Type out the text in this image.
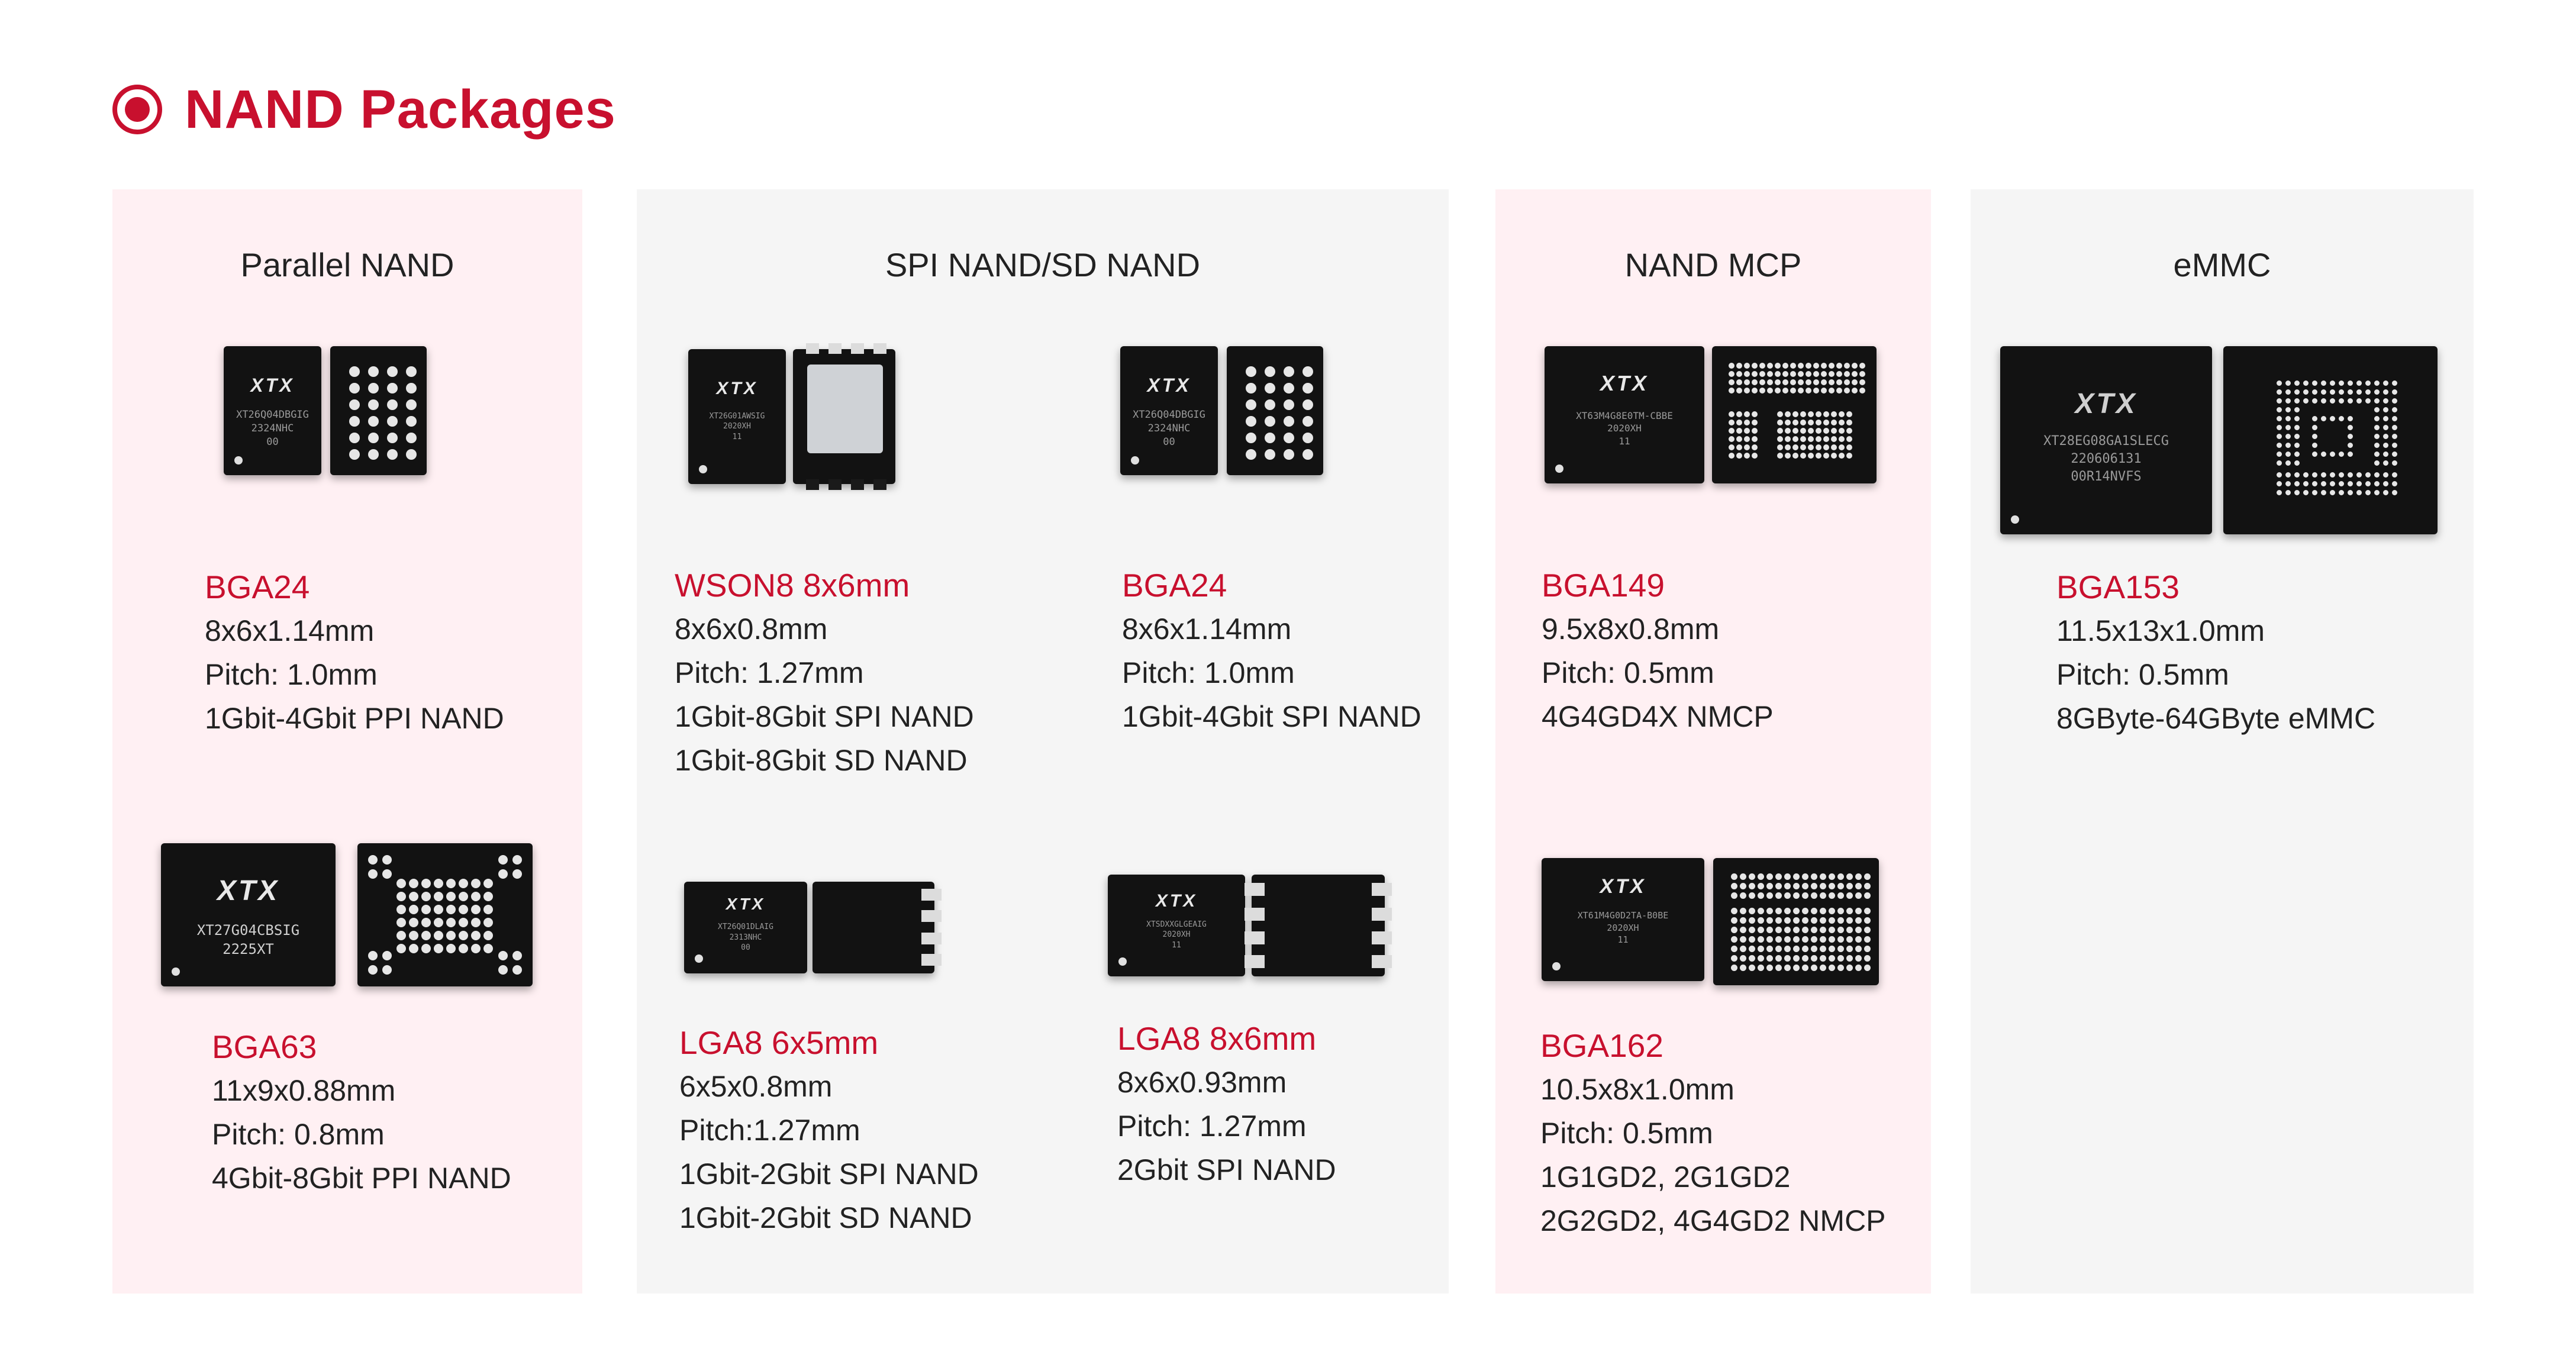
NAND Packages
Parallel NAND	SPI NAND/SD NAND	NAND MCP	eMMC
XTX
XT26Q04DBGIG
2324NHC
00
BGA24
8x6x1.14mm
Pitch: 1.0mm
1Gbit-4Gbit PPI NAND
XTX
XT27G04CBSIG
2225XT
BGA63
11x9x0.88mm
Pitch: 0.8mm
4Gbit-8Gbit PPI NAND
XTX
XT26G01AWSIG
2020XH
11
WSON8 8x6mm
8x6x0.8mm
Pitch: 1.27mm
1Gbit-8Gbit SPI NAND
1Gbit-8Gbit SD NAND
XTX
XT26Q04DBGIG
2324NHC
00
BGA24
8x6x1.14mm
Pitch: 1.0mm
1Gbit-4Gbit SPI NAND
XTX
XT26Q01DLAIG
2313NHC
00
LGA8 6x5mm
6x5x0.8mm
Pitch:1.27mm
1Gbit-2Gbit SPI NAND
1Gbit-2Gbit SD NAND
XTX
XTSDXXGLGEAIG
2020XH
11
LGA8 8x6mm
8x6x0.93mm
Pitch: 1.27mm
2Gbit SPI NAND
XTX
XT63M4G8E0TM-CBBE
2020XH
11
BGA149
9.5x8x0.8mm
Pitch: 0.5mm
4G4GD4X NMCP
XTX
XT61M4G0D2TA-B0BE
2020XH
11
BGA162
10.5x8x1.0mm
Pitch: 0.5mm
1G1GD2, 2G1GD2
2G2GD2, 4G4GD2 NMCP
XTX
XT28EG08GA1SLECG
220606131
00R14NVFS
BGA153
11.5x13x1.0mm
Pitch: 0.5mm
8GByte-64GByte eMMC
